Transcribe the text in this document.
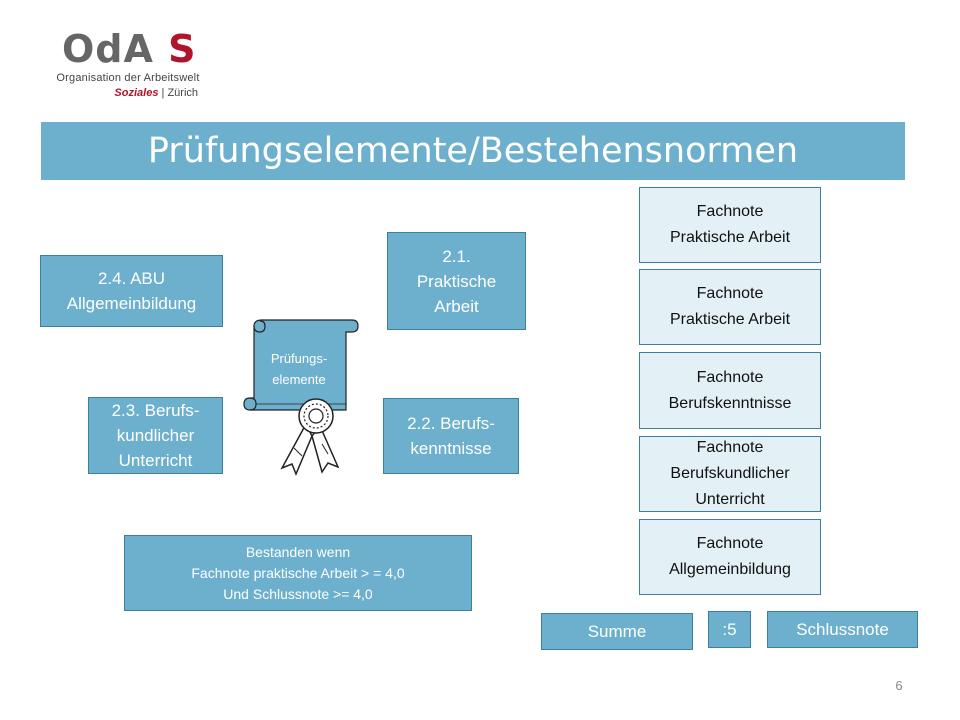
OdA S
Organisation der Arbeitswelt
Soziales | Zürich
Prüfungselemente/Bestehensnormen
2.4. ABU
Allgemeinbildung
2.1.
Praktische
Arbeit
2.3. Berufs-
kundlicher
Unterricht
2.2. Berufs-
kenntnisse
Prüfungs-
elemente
Bestanden wenn
Fachnote praktische Arbeit > = 4,0
Und Schlussnote >= 4,0
Fachnote
Praktische Arbeit
Fachnote
Praktische Arbeit
Fachnote
Berufskenntnisse
Fachnote
Berufskundlicher
Unterricht
Fachnote
Allgemeinbildung
Summe	:5	Schlussnote
6
